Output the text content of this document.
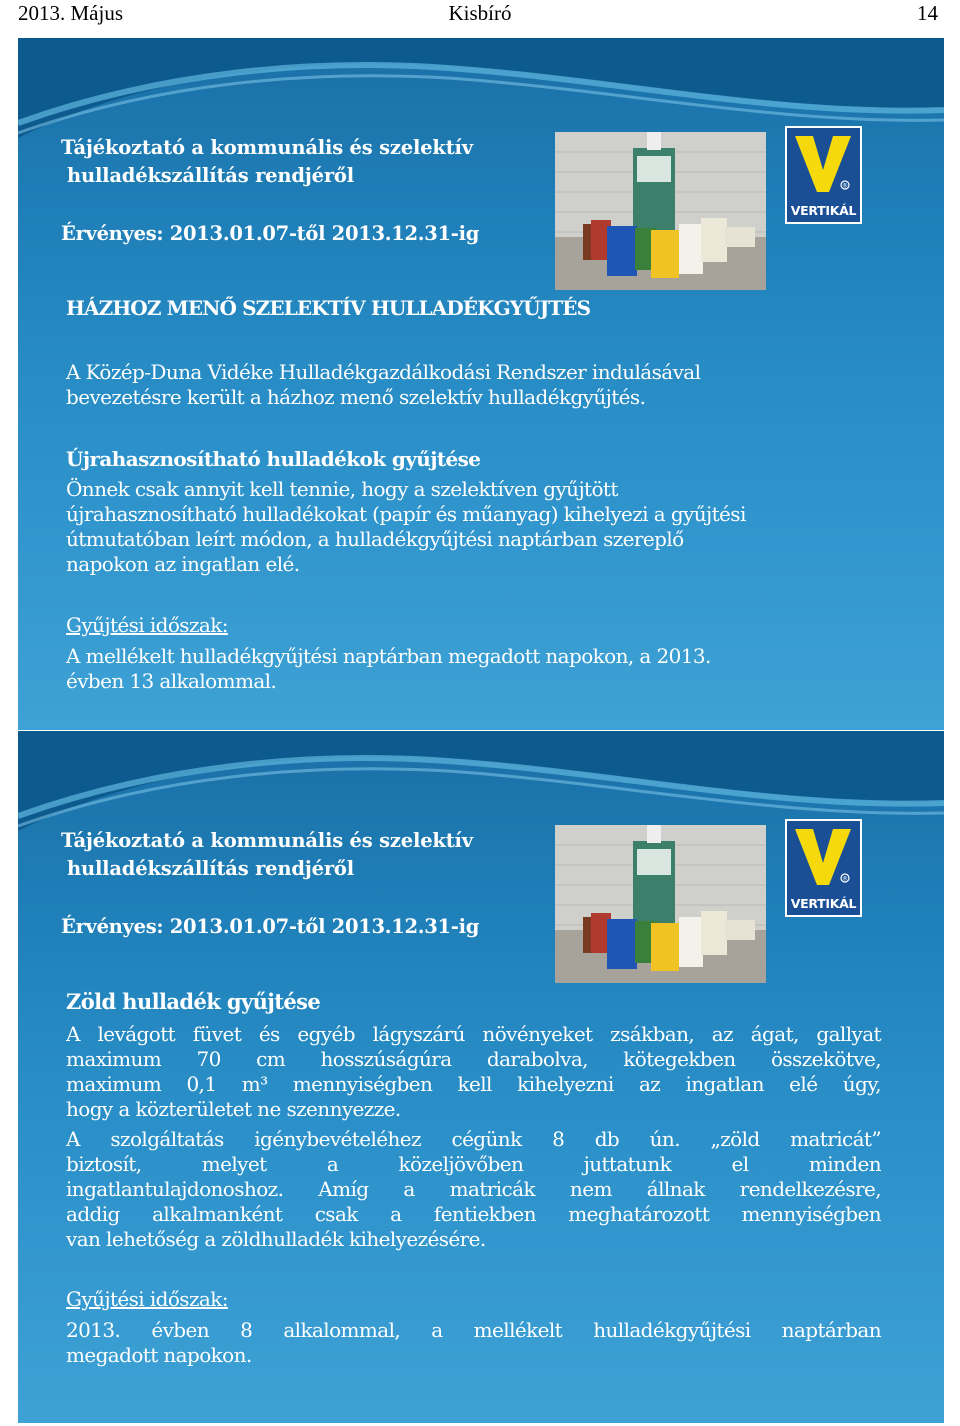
2013. Május	Kisbíró	14
Tájékoztató a kommunális és szelektív
hulladékszállítás rendjéről
Érvényes: 2013.01.07-től 2013.12.31-ig
®
VERTIKÁL
HÁZHOZ MENŐ SZELEKTÍV HULLADÉKGYŰJTÉS
A Közép-Duna Vidéke Hulladékgazdálkodási Rendszer indulásával
bevezetésre került a házhoz menő szelektív hulladékgyűjtés.
Újrahasznosítható hulladékok gyűjtése
Önnek csak annyit kell tennie, hogy a szelektíven gyűjtött
újrahasznosítható hulladékokat (papír és műanyag) kihelyezi a gyűjtési
útmutatóban leírt módon, a hulladékgyűjtési naptárban szereplő
napokon az ingatlan elé.
Gyűjtési időszak:
A mellékelt hulladékgyűjtési naptárban megadott napokon, a 2013.
évben 13 alkalommal.
Tájékoztató a kommunális és szelektív
hulladékszállítás rendjéről
Érvényes: 2013.01.07-től 2013.12.31-ig
®
VERTIKÁL
Zöld hulladék gyűjtése
A levágott füvet és egyéb lágyszárú növényeket zsákban, az ágat, gallyat
maximum 70 cm hosszúságúra darabolva, kötegekben összekötve,
maximum 0,1 m³ mennyiségben kell kihelyezni az ingatlan elé úgy,
hogy a közterületet ne szennyezze.
A szolgáltatás igénybevételéhez cégünk 8 db ún. „zöld matricát”
biztosít, melyet a közeljövőben juttatunk el minden
ingatlantulajdonoshoz. Amíg a matricák nem állnak rendelkezésre,
addig alkalmanként csak a fentiekben meghatározott mennyiségben
van lehetőség a zöldhulladék kihelyezésére.
Gyűjtési időszak:
2013. évben 8 alkalommal, a mellékelt hulladékgyűjtési naptárban
megadott napokon.
